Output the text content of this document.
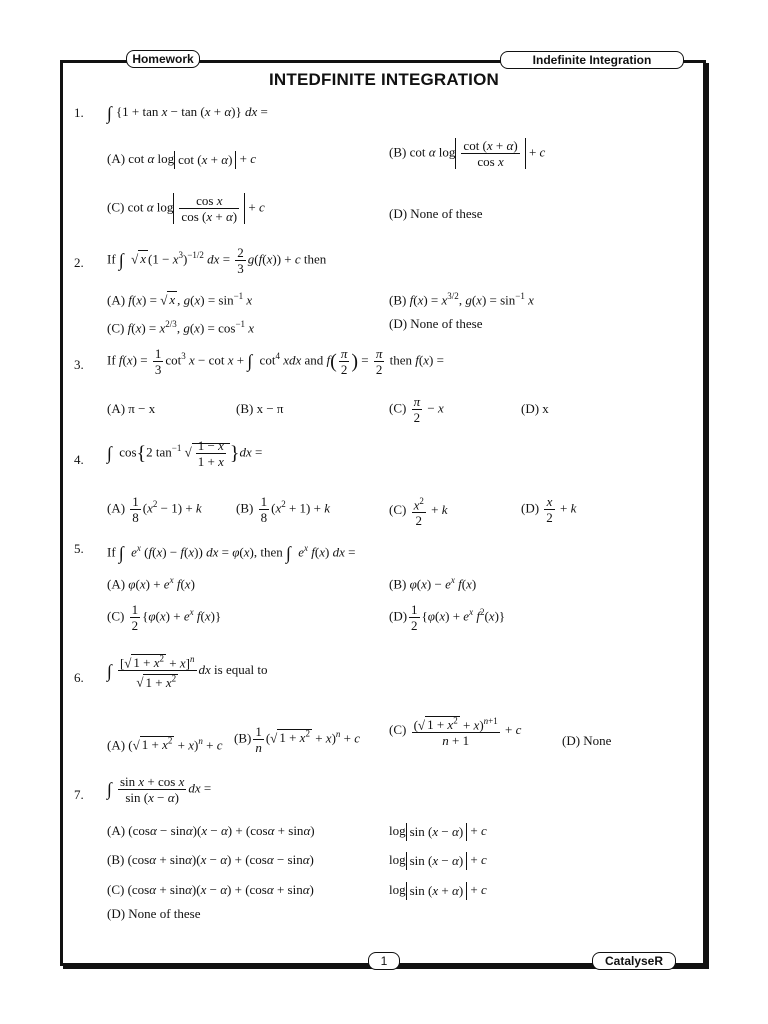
Homework	Indefinite Integration
INTEDFINITE INTEGRATION
1. ∫ {1 + tan x − tan (x + α)} dx =
(A) cot α log cot (x + α) + c	(B) cot α $\log \frac{\cot (x + \alpha)}{\text{cos x}} + c$
(C) cot α $\log \frac{\text{cos x}}{\cos (x + \alpha)} + c$	(D) None of these
2. If ∫ √ x $(1 - x^3)^{-1/2}$ dx = $\frac{2}{3} g(f(x)) + c$ then
(A) f(x) = √ x , $g(x) = \sin^{-1} x$	(B) $f(x) = x^{3/2}$, $g(x) = \sin^{-1} x$
(C) $f(x) = x^{2/3}$, $g(x) = \cos^{-1} x$	(D) None of these
3. If $f(x) = \frac{1}{3} \cot^3 x - \cot x$ + ∫ $\cot^4$ xdx and $f( \frac{\pi}{2}$ ) = $\frac{\pi}{2}$ then f(x) =
(A) π − x	(B) x − π	$(C) \frac{\pi}{2} - x$	(D) x
4. ∫ cos{2 $\tan^{-1}$ √ $\frac{1 - x}{1 + x} \}dx$ =
$(A) \frac{1}{8} (x^2 - 1) + k$	$(B) \frac{1}{8} (x^2 + 1) + k$	$(C) \frac{x^2}{2} + k$	$(D) \frac{x}{2} + k$
5. If ∫ $e^x$ (f(x) − f(x)) dx = φ(x), then ∫ $e^x$ f(x) dx =
(A) $\varphi(x) + e^x$ f(x)	(B) $\varphi(x) - e^x$ f(x)
$(C) \frac{1}{2} \{\varphi(x) + e^x$ f(x)}	$(D) \frac{1}{2} \{\varphi(x) + e^x$ $f^2(x)$}
6. ∫ $\frac{[√ 1 + x^2 + x]^n}{√ 1 + x^2}$ dx is equal to
(A) (√ $1 + x^2 + x)^n + c$ $(B) \frac{1}{n}$ (√ $1 + x^2 + x)^n + c$
$(C) \frac{(√ 1 + x^2 + x)^{n+1}}{n + 1} + c$
(D) None
7. ∫ $\frac{\text{sin x + cos x}}{\sin (x - \alpha)}$ dx =
(A) (cosα − sinα)(x − α) + (cosα + sinα)	log sin (x − α) + c
(B) (cosα + sinα)(x − α) + (cosα − sinα)	log sin (x − α) + c
(C) (cosα + sinα)(x − α) + (cosα + sinα)	log sin (x + α) + c
(D) None of these
1	CatalyseR
